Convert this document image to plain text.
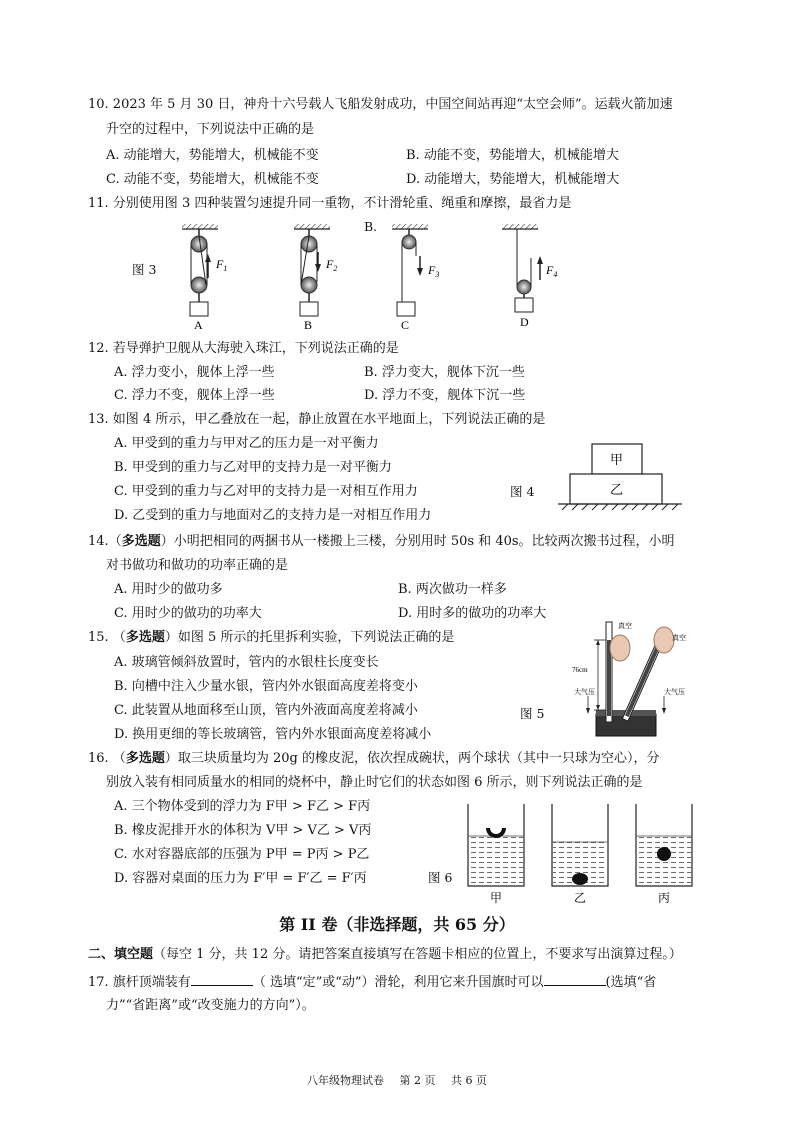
10. 2023 年 5 月 30 日，神舟十六号载人飞船发射成功，中国空间站再迎“太空会师”。运载火箭加速
升空的过程中，下列说法中正确的是
A. 动能增大，势能增大，机械能不变	B. 动能不变，势能增大，机械能增大
C. 动能不变，势能增大，机械能不变	D. 动能增大，势能增大，机械能增大
11. 分别使用图 3 四种装置匀速提升同一重物，不计滑轮重、绳重和摩擦，最省力是
图 3
B.
$F_1$	$F_2$	$F_3$	$F_4$
A	B	C	D
12. 若导弹护卫舰从大海驶入珠江，下列说法正确的是
A. 浮力变小，舰体上浮一些	B. 浮力变大，舰体下沉一些
C. 浮力不变，舰体上浮一些	D. 浮力不变，舰体下沉一些
13. 如图 4 所示，甲乙叠放在一起，静止放置在水平地面上，下列说法正确的是
A. 甲受到的重力与甲对乙的压力是一对平衡力
B. 甲受到的重力与乙对甲的支持力是一对平衡力
C. 甲受到的重力与乙对甲的支持力是一对相互作用力
D. 乙受到的重力与地面对乙的支持力是一对相互作用力
图 4
甲
乙
14.（多选题）小明把相同的两捆书从一楼搬上三楼，分别用时 50s 和 40s。比较两次搬书过程，小明
对书做功和做功的功率正确的是
A. 用时少的做功多	B. 两次做功一样多
C. 用时少的做功的功率大	D. 用时多的做功的功率大
15. （多选题）如图 5 所示的托里拆利实验，下列说法正确的是
A. 玻璃管倾斜放置时，管内的水银柱长度变长
B. 向槽中注入少量水银，管内外水银面高度差将变小
C. 此装置从地面移至山顶，管内外液面高度差将减小
D. 换用更细的等长玻璃管，管内外水银面高度差将减小
图 5
真空
真空
76cm
大气压	大气压
16. （多选题）取三块质量均为 20g 的橡皮泥，依次捏成碗状，两个球状（其中一只球为空心），分
别放入装有相同质量水的相同的烧杯中，静止时它们的状态如图 6 所示，则下列说法正确的是
A. 三个物体受到的浮力为 F甲 > F乙 > F丙
B. 橡皮泥排开水的体积为 V甲 > V乙 > V丙
C. 水对容器底部的压强为 P甲 = P丙 > P乙
D. 容器对桌面的压力为 F′甲 = F′乙 = F′丙	图 6
甲	乙	丙
第 II 卷（非选择题，共 65 分）
二、填空题（每空 1 分，共 12 分。请把答案直接填写在答题卡相应的位置上，不要求写出演算过程。）
17. 旗杆顶端装有	（ 选填“定”或“动”）滑轮，利用它来升国旗时可以	(选填“省
力”“省距离”或“改变施力的方向”）。
八年级物理试卷 第 2 页 共 6 页
